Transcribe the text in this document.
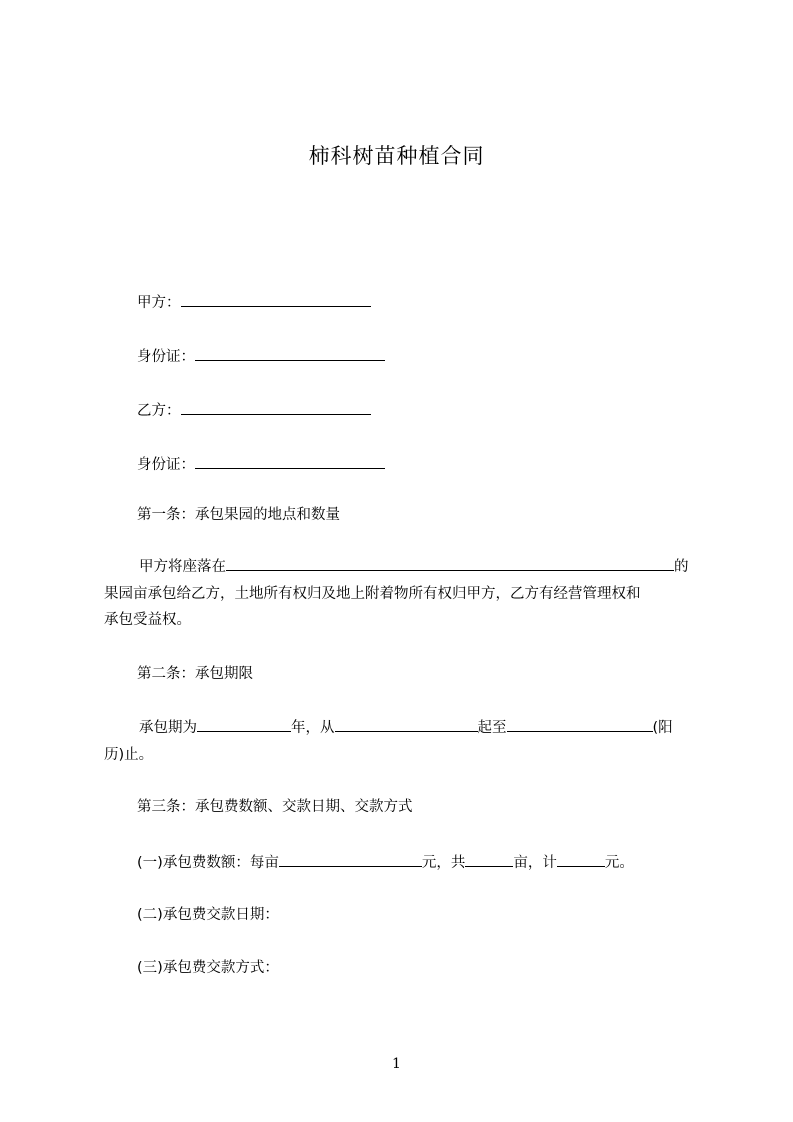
柿科树苗种植合同
甲方：
身份证：
乙方：
身份证：
第一条：承包果园的地点和数量
甲方将座落在	的
果园亩承包给乙方，土地所有权归及地上附着物所有权归甲方，乙方有经营管理权和
承包受益权。
第二条：承包期限
承包期为	年，从	起至	(阳
历)止。
第三条：承包费数额、交款日期、交款方式
(一)承包费数额：每亩	元，共	亩，计	元。
(二)承包费交款日期：
(三)承包费交款方式：
1
